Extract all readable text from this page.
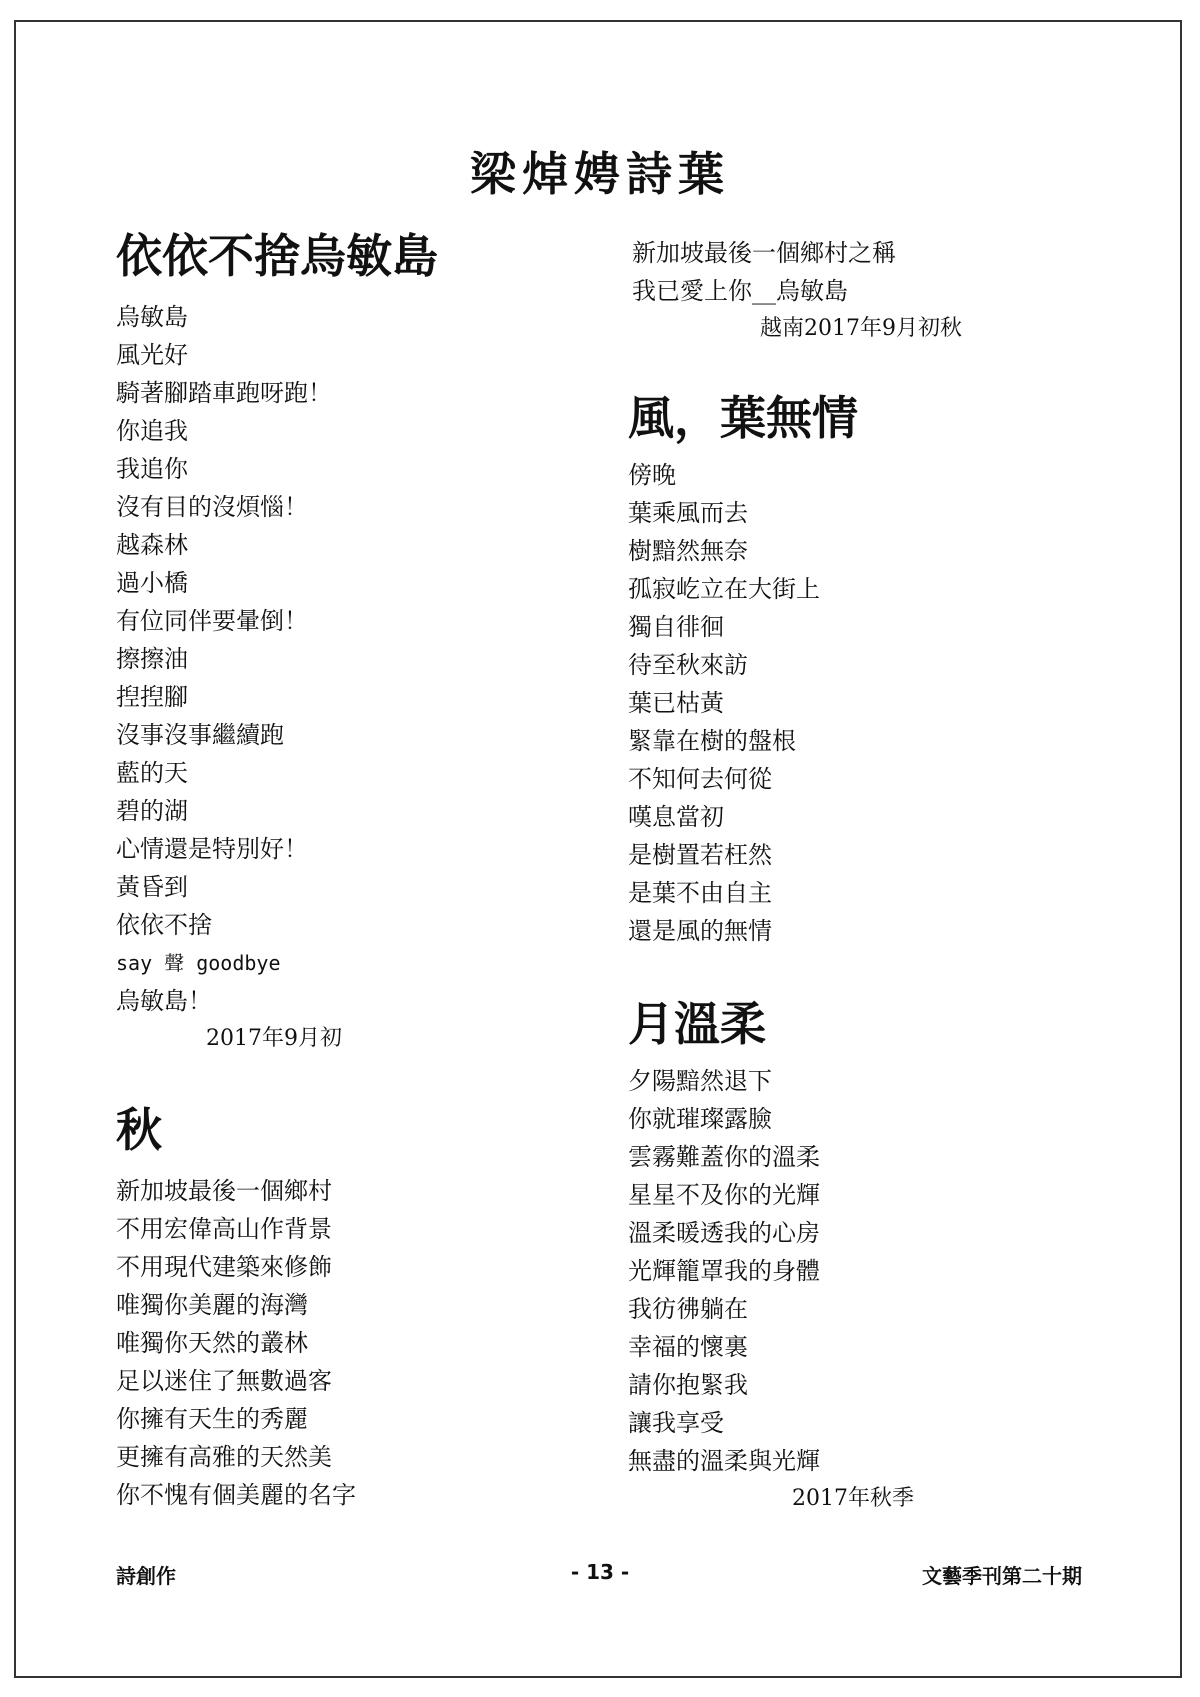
梁焯娉詩葉
依依不捨烏敏島
烏敏島
風光好
騎著腳踏車跑呀跑！
你追我
我追你
沒有目的沒煩惱！
越森林
過小橋
有位同伴要暈倒！
擦擦油
揑揑腳
沒事沒事繼續跑
藍的天
碧的湖
心情還是特別好！
黃昏到
依依不捨
say 聲 goodbye
烏敏島！
2017年9月初
秋
新加坡最後一個鄉村
不用宏偉高山作背景
不用現代建築來修飾
唯獨你美麗的海灣
唯獨你天然的叢林
足以迷住了無數過客
你擁有天生的秀麗
更擁有高雅的天然美
你不愧有個美麗的名字
新加坡最後一個鄉村之稱
我已愛上你__烏敏島
越南2017年9月初秋
風，葉無情
傍晚
葉乘風而去
樹黯然無奈
孤寂屹立在大街上
獨自徘徊
待至秋來訪
葉已枯黃
緊靠在樹的盤根
不知何去何從
嘆息當初
是樹置若枉然
是葉不由自主
還是風的無情
月溫柔
夕陽黯然退下
你就璀璨露臉
雲霧難蓋你的溫柔
星星不及你的光輝
溫柔暖透我的心房
光輝籠罩我的身體
我彷彿躺在
幸福的懷裏
請你抱緊我
讓我享受
無盡的溫柔與光輝
2017年秋季
詩創作	- 13 -	文藝季刊第二十期
